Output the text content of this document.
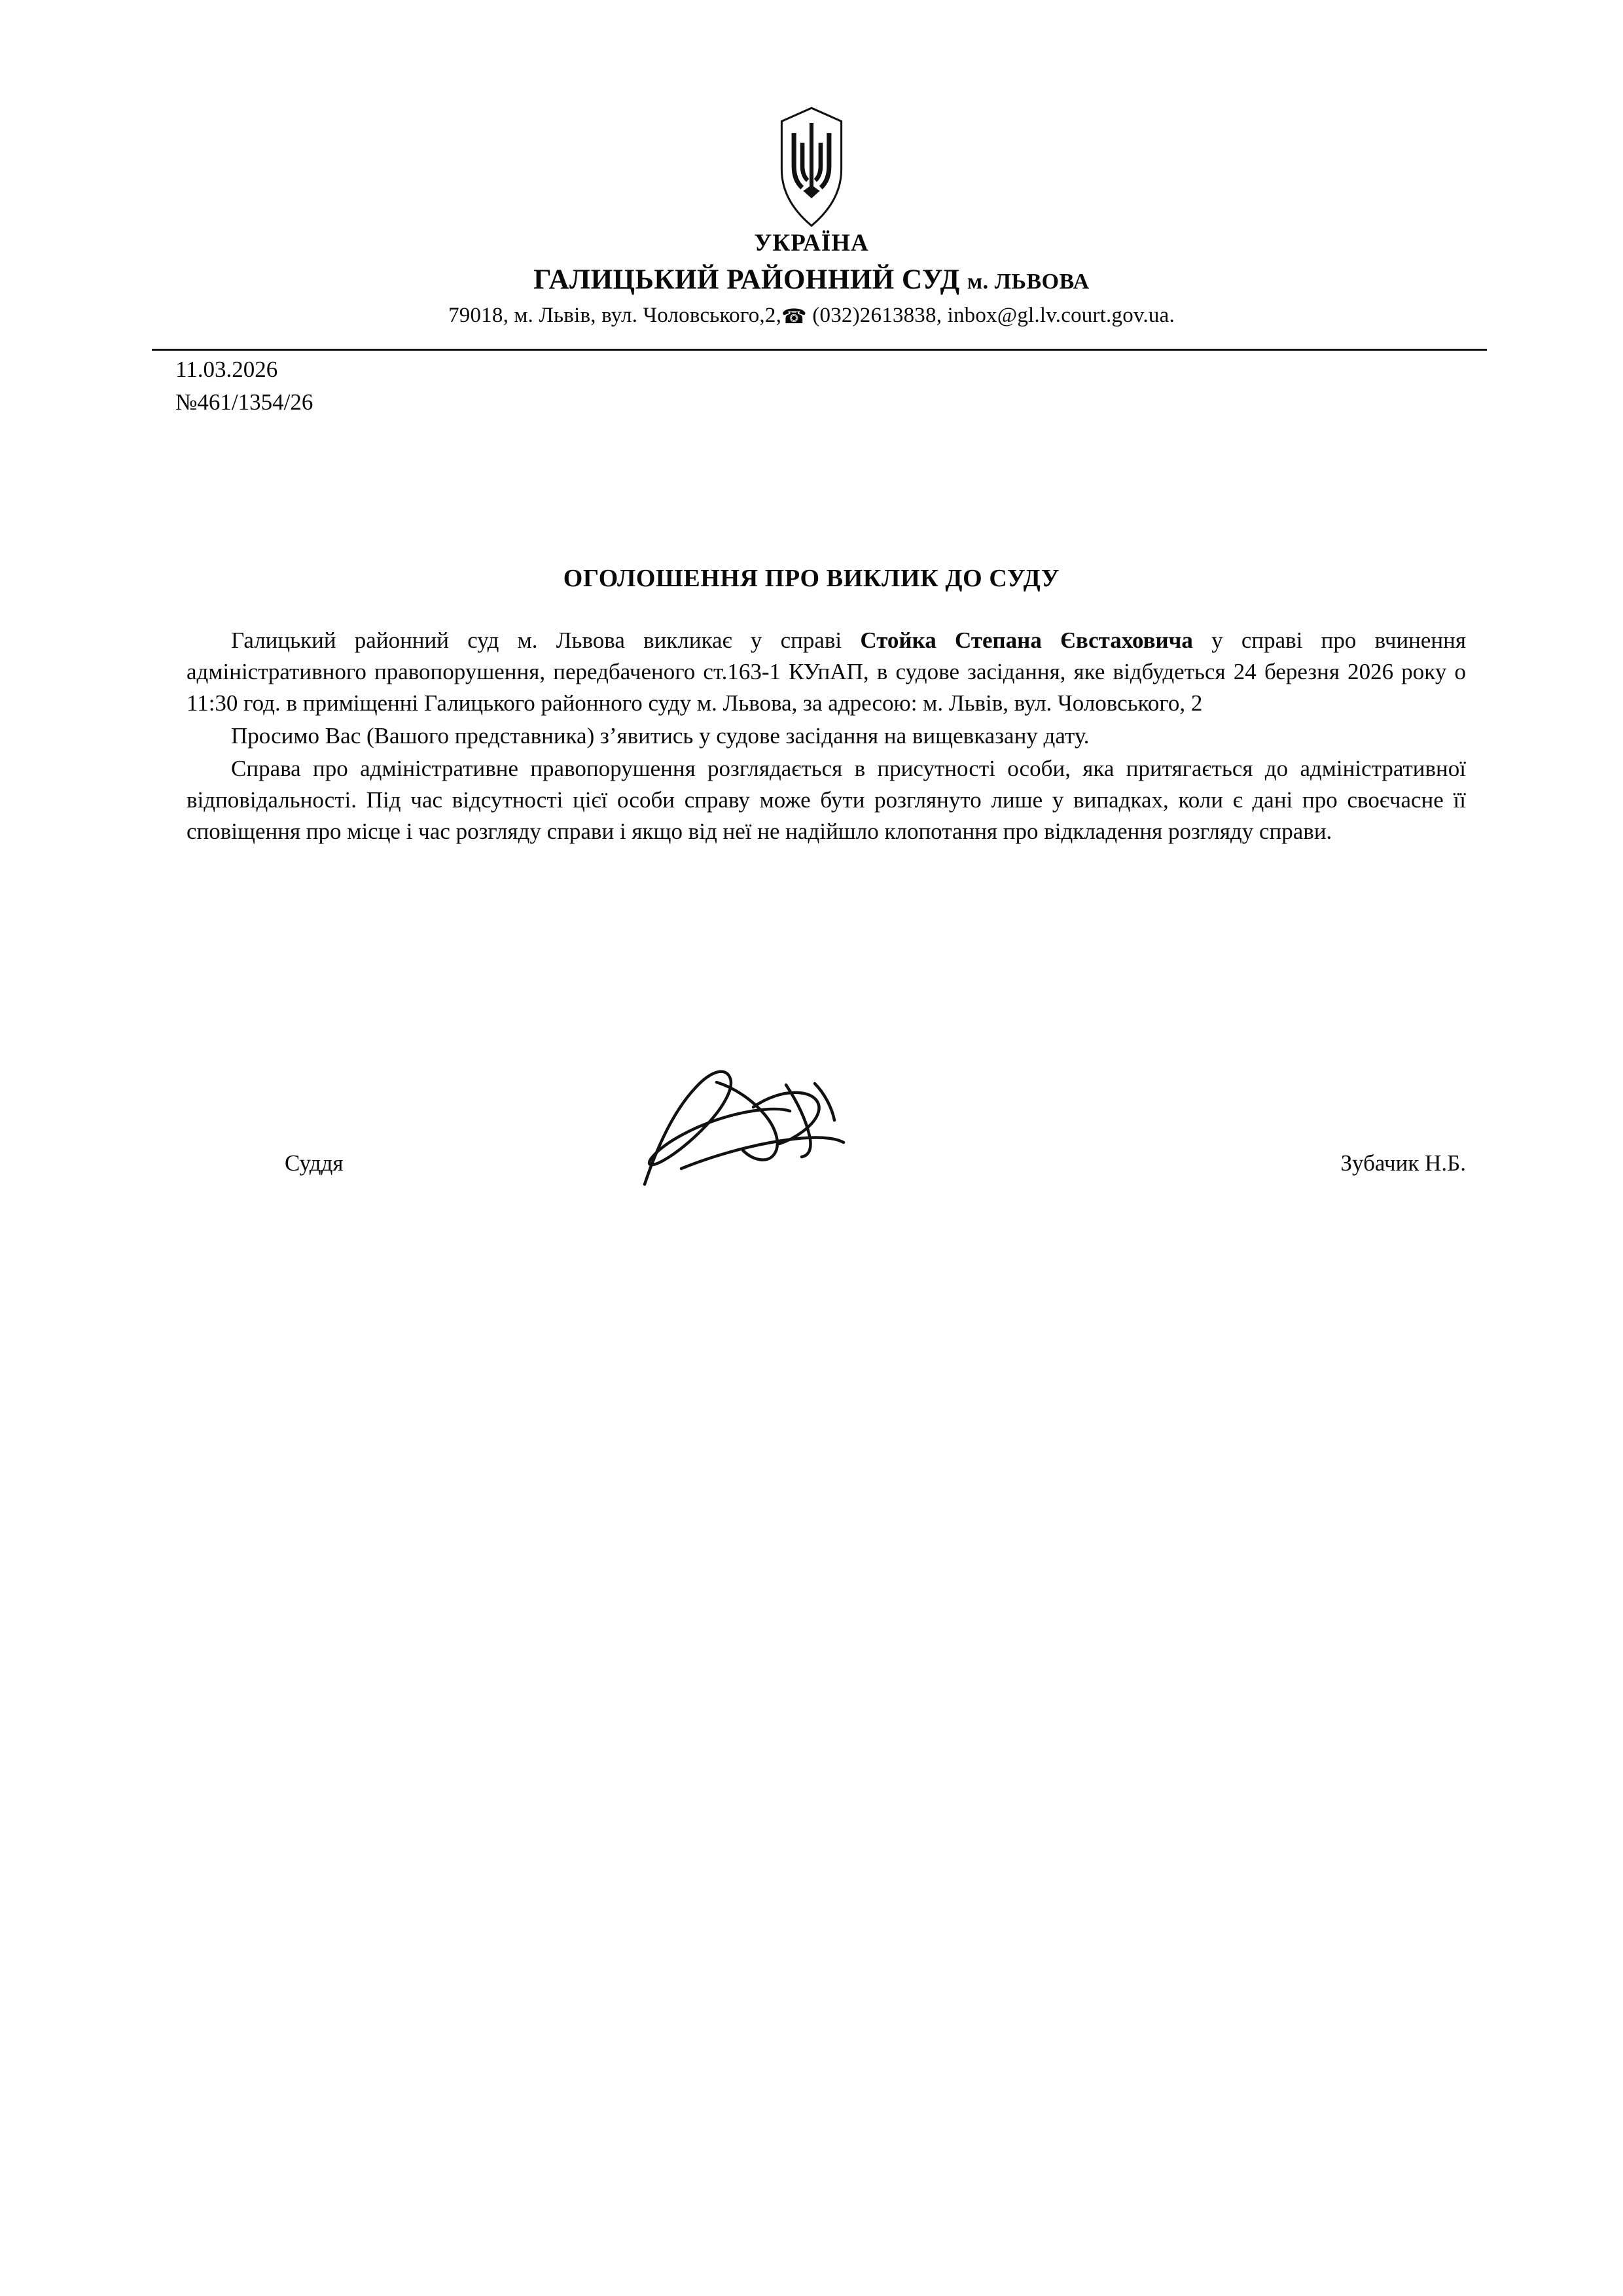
УКРАЇНА
ГАЛИЦЬКИЙ РАЙОННИЙ СУД м. ЛЬВОВА
79018, м. Львів, вул. Чоловського,2,☎ (032)2613838, inbox@gl.lv.court.gov.ua.
11.03.2026
№461/1354/26
ОГОЛОШЕННЯ ПРО ВИКЛИК ДО СУДУ

Галицький районний суд м. Львова викликає у справі Стойка Степана Євстаховича у справі про вчинення адміністративного правопорушення, передбаченого ст.163-1 КУпАП, в судове засідання, яке відбудеться 24 березня 2026 року о 11:30 год. в приміщенні Галицького районного суду м. Львова, за адресою: м. Львів, вул. Чоловського, 2

Просимо Вас (Вашого представника) з’явитись у судове засідання на вищевказану дату.

Справа про адміністративне правопорушення розглядається в присутності особи, яка притягається до адміністративної відповідальності. Під час відсутності цієї особи справу може бути розглянуто лише у випадках, коли є дані про своєчасне її сповіщення про місце і час розгляду справи і якщо від неї не надійшло клопотання про відкладення розгляду справи.

Суддя	Зубачик Н.Б.
